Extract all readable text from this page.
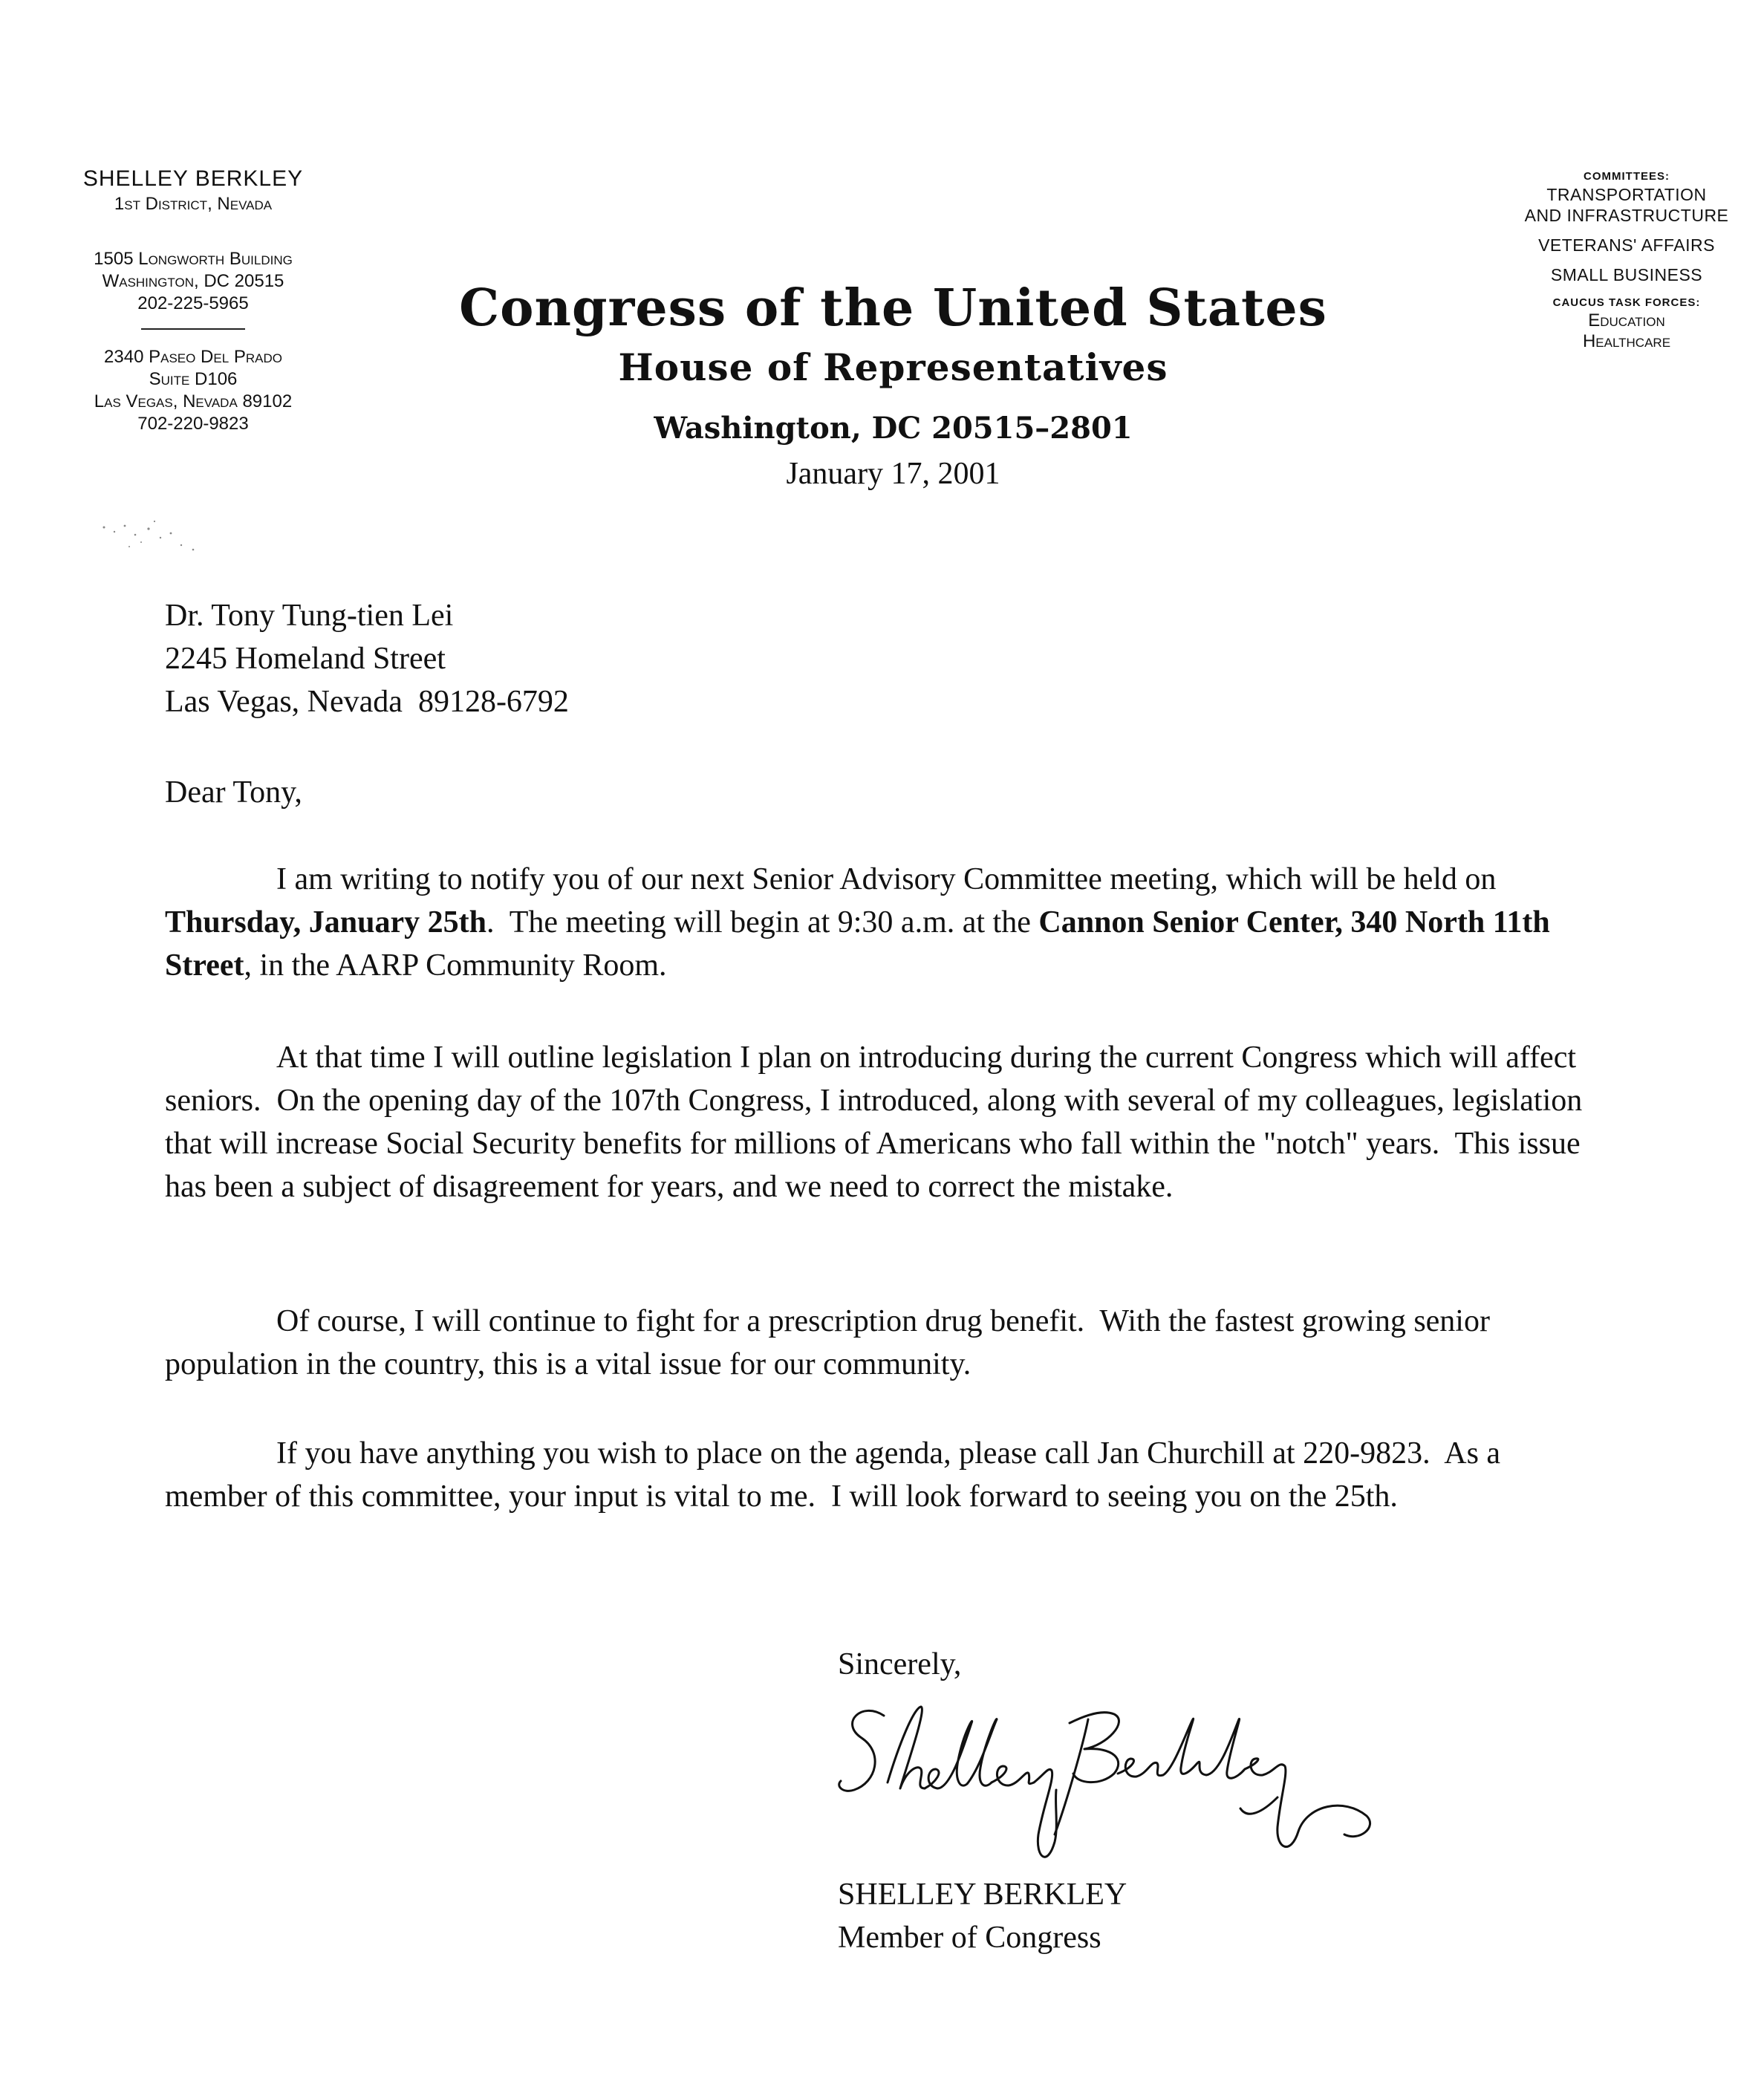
SHELLEY BERKLEY
1st District, Nevada
1505 Longworth Building
Washington, DC 20515
202-225-5965
2340 Paseo Del Prado
Suite D106
Las Vegas, Nevada 89102
702-220-9823
Congress of the United States
House of Representatives
Washington, DC 20515–2801
January 17, 2001
COMMITTEES:
TRANSPORTATION
AND INFRASTRUCTURE
VETERANS' AFFAIRS
SMALL BUSINESS
CAUCUS TASK FORCES:
Education
Healthcare
Dr. Tony Tung-tien Lei
2245 Homeland Street
Las Vegas, Nevada  89128-6792
Dear Tony,
I am writing to notify you of our next Senior Advisory Committee meeting, which will be held on Thursday, January 25th.  The meeting will begin at 9:30 a.m. at the Cannon Senior Center, 340 North 11th Street, in the AARP Community Room.
At that time I will outline legislation I plan on introducing during the current Congress which will affect seniors.  On the opening day of the 107th Congress, I introduced, along with several of my colleagues, legislation that will increase Social Security benefits for millions of Americans who fall within the "notch" years.  This issue has been a subject of disagreement for years, and we need to correct the mistake.
Of course, I will continue to fight for a prescription drug benefit.  With the fastest growing senior population in the country, this is a vital issue for our community.
If you have anything you wish to place on the agenda, please call Jan Churchill at 220-9823.  As a member of this committee, your input is vital to me.  I will look forward to seeing you on the 25th.
Sincerely,
SHELLEY BERKLEY
Member of Congress
